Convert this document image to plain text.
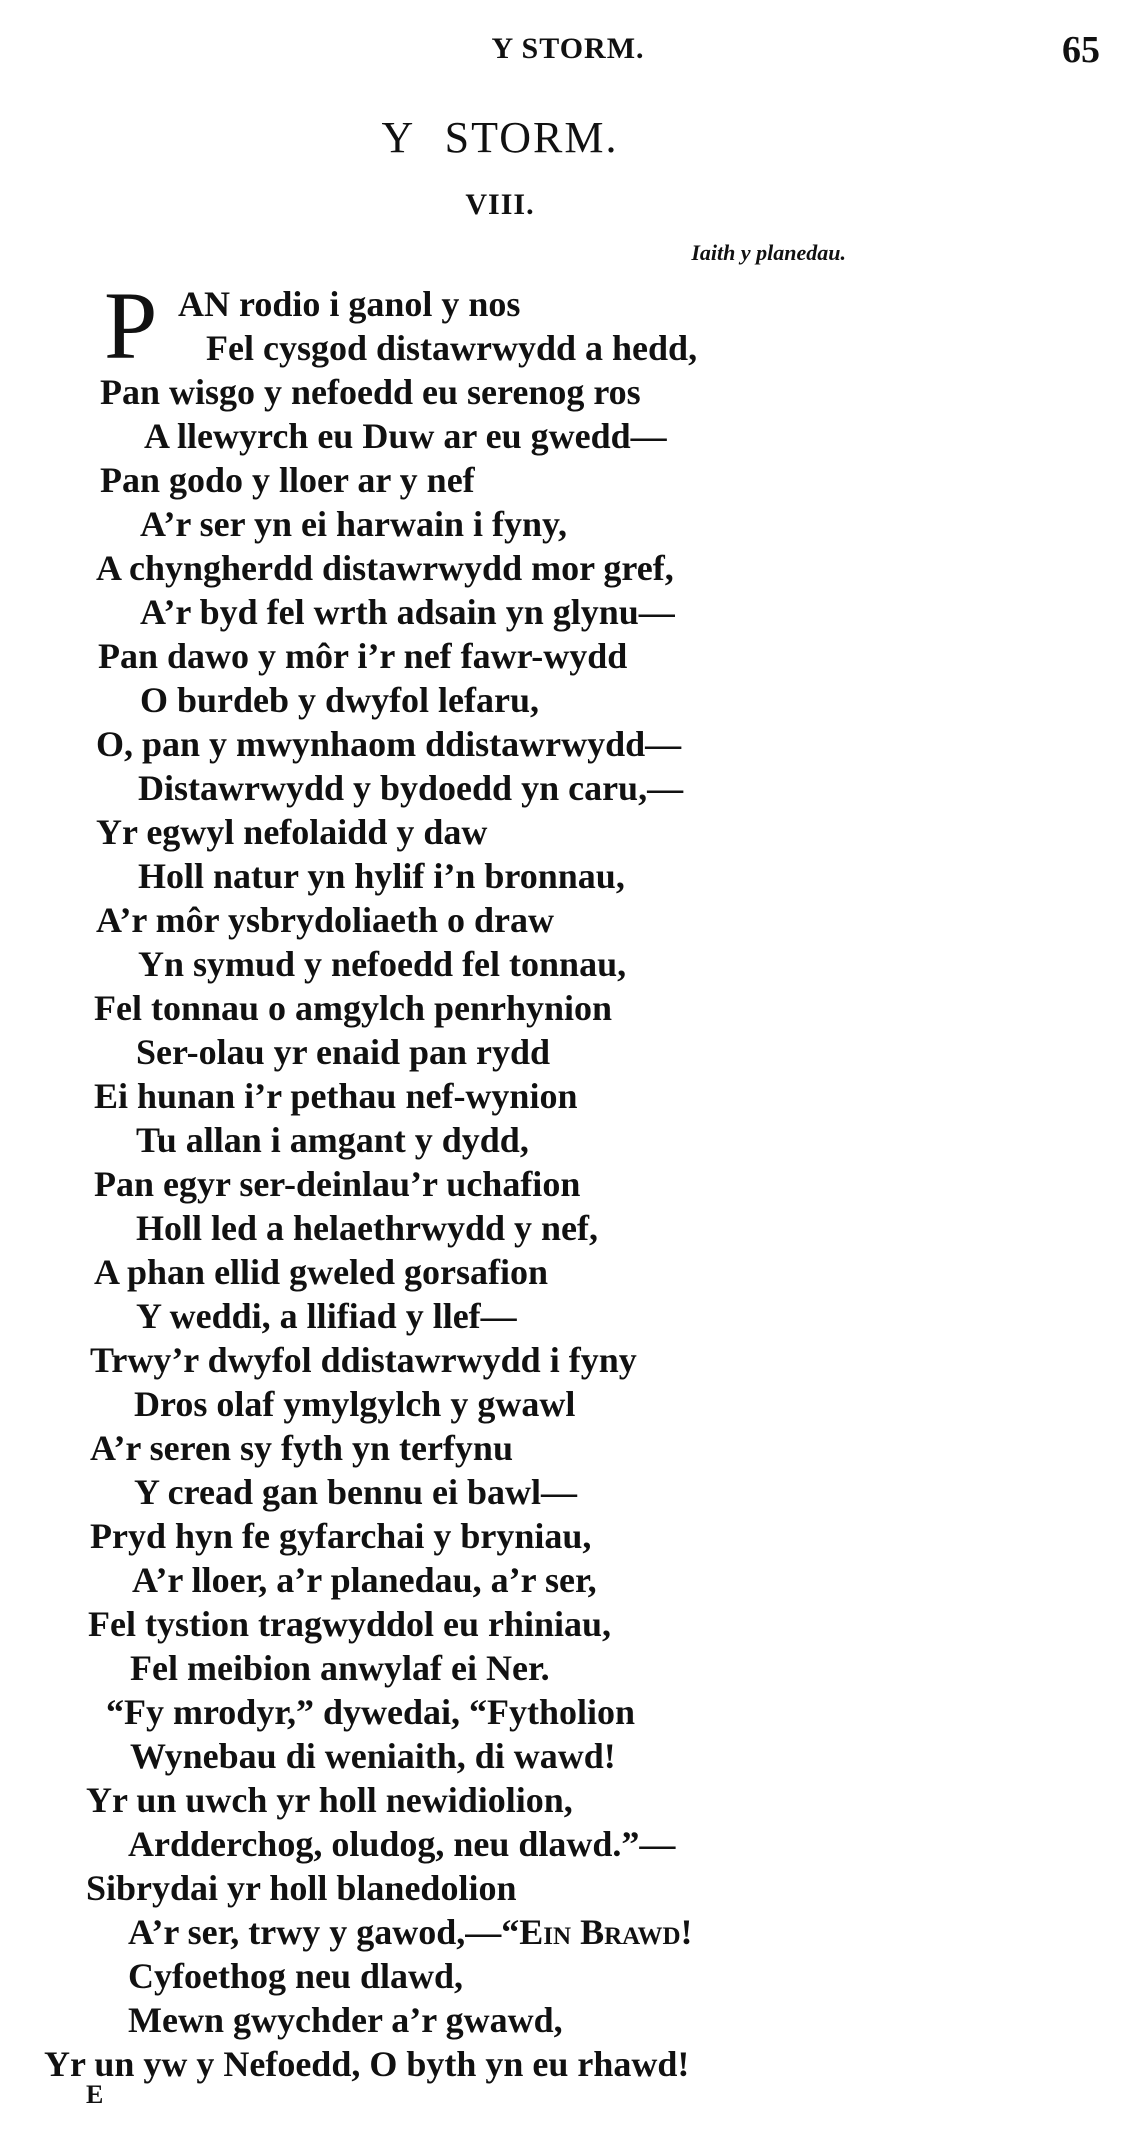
Y STORM.	65
Y STORM.
VIII.
Iaith y planedau.
P AN rodio i ganol y nos
Fel cysgod distawrwydd a hedd,
Pan wisgo y nefoedd eu serenog ros
A llewyrch eu Duw ar eu gwedd—
Pan godo y lloer ar y nef
A’r ser yn ei harwain i fyny,
A chyngherdd distawrwydd mor gref,
A’r byd fel wrth adsain yn glynu—
Pan dawo y môr i’r nef fawr-wydd
O burdeb y dwyfol lefaru,
O, pan y mwynhaom ddistawrwydd—
Distawrwydd y bydoedd yn caru,—
Yr egwyl nefolaidd y daw
Holl natur yn hylif i’n bronnau,
A’r môr ysbrydoliaeth o draw
Yn symud y nefoedd fel tonnau,
Fel tonnau o amgylch penrhynion
Ser-olau yr enaid pan rydd
Ei hunan i’r pethau nef-wynion
Tu allan i amgant y dydd,
Pan egyr ser-deinlau’r uchafion
Holl led a helaethrwydd y nef,
A phan ellid gweled gorsafion
Y weddi, a llifiad y llef—
Trwy’r dwyfol ddistawrwydd i fyny
Dros olaf ymylgylch y gwawl
A’r seren sy fyth yn terfynu
Y cread gan bennu ei bawl—
Pryd hyn fe gyfarchai y bryniau,
A’r lloer, a’r planedau, a’r ser,
Fel tystion tragwyddol eu rhiniau,
Fel meibion anwylaf ei Ner.
“Fy mrodyr,” dywedai, “Fytholion
Wynebau di weniaith, di wawd!
Yr un uwch yr holl newidiolion,
Ardderchog, oludog, neu dlawd.”—
Sibrydai yr holl blanedolion
A’r ser, trwy y gawod,—“Ein Brawd!
Cyfoethog neu dlawd,
Mewn gwychder a’r gwawd,
Yr un yw y Nefoedd, O byth yn eu rhawd!
E
